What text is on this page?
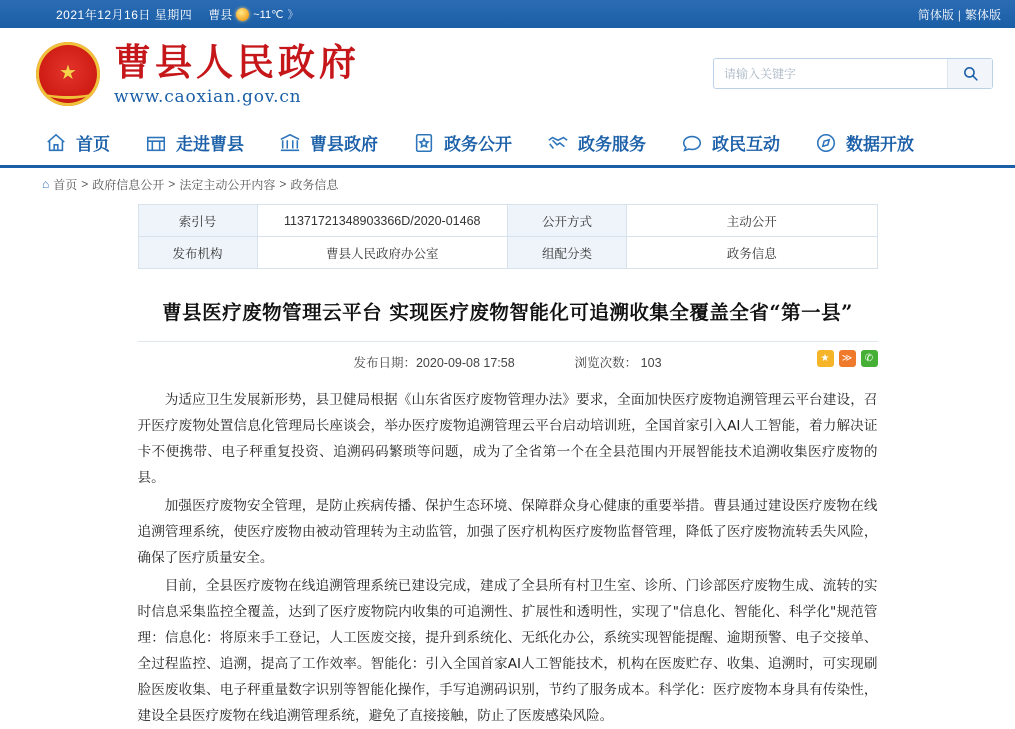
2021年12月16日 星期四 曹县 ~11℃ 》	简体版 | 繁体版
★ 曹县人民政府
www.caoxian.gov.cn
请输入关键字
首页	走进曹县	曹县政府	政务公开	政务服务	政民互动	数据开放
⌂ 首页 > 政府信息公开 > 法定主动公开内容 > 政务信息
索引号	11371721348903366D/2020-01468	公开方式	主动公开
发布机构	曹县人民政府办公室	组配分类	政务信息
曹县医疗废物管理云平台 实现医疗废物智能化可追溯收集全覆盖全省“第一县”
发布日期：2020-09-08 17:58	浏览次数： 103	★	≫	✆

为适应卫生发展新形势，县卫健局根据《山东省医疗废物管理办法》要求，全面加快医疗废物追溯管理云平台建设，召开医疗废物处置信息化管理局长座谈会，举办医疗废物追溯管理云平台启动培训班，全国首家引入AI人工智能，着力解决证卡不便携带、电子秤重复投资、追溯码码繁琐等问题，成为了全省第一个在全县范围内开展智能技术追溯收集医疗废物的县。

加强医疗废物安全管理，是防止疾病传播、保护生态环境、保障群众身心健康的重要举措。曹县通过建设医疗废物在线追溯管理系统，使医疗废物由被动管理转为主动监管，加强了医疗机构医疗废物监督管理，降低了医疗废物流转丢失风险，确保了医疗质量安全。

目前，全县医疗废物在线追溯管理系统已建设完成，建成了全县所有村卫生室、诊所、门诊部医疗废物生成、流转的实时信息采集监控全覆盖，达到了医疗废物院内收集的可追溯性、扩展性和透明性，实现了"信息化、智能化、科学化"规范管理：信息化：将原来手工登记，人工医废交接，提升到系统化、无纸化办公，系统实现智能提醒、逾期预警、电子交接单、全过程监控、追溯，提高了工作效率。智能化：引入全国首家AI人工智能技术，机构在医废贮存、收集、追溯时，可实现刷脸医废收集、电子秤重量数字识别等智能化操作，手写追溯码识别，节约了服务成本。科学化：医疗废物本身具有传染性，建设全县医疗废物在线追溯管理系统，避免了直接接触，防止了医废感染风险。
